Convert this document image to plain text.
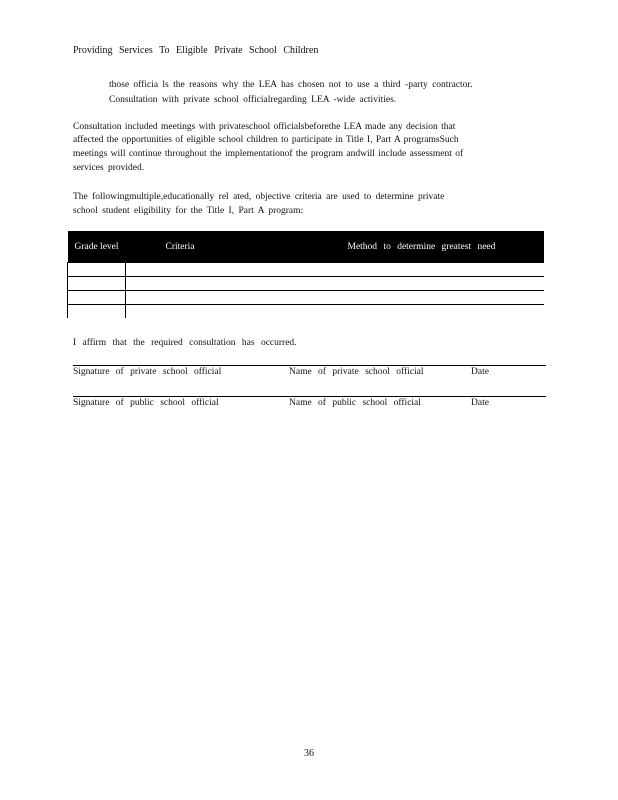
Providing Services To Eligible Private School Children
those officia ls the reasons why the LEA has chosen not to use a third -party contractor.
Consultation with private school officialregarding LEA -wide activities.
Consultation included meetings with privateschool officialsbeforethe LEA made any decision that
affected the opportunities of eligible school children to participate in Title I, Part A programsSuch
meetings will continue throughout the implementationof the program andwill include assessment of
services provided.
The followingmultiple,educationally rel ated, objective criteria are used to determine private
school student eligibility for the Title I, Part A program:
Grade level	Criteria	Method to determine greatest need

I affirm that the required consultation has occurred.
Signature of private school official	Name of private school official	Date
Signature of public school official	Name of public school official	Date
36
